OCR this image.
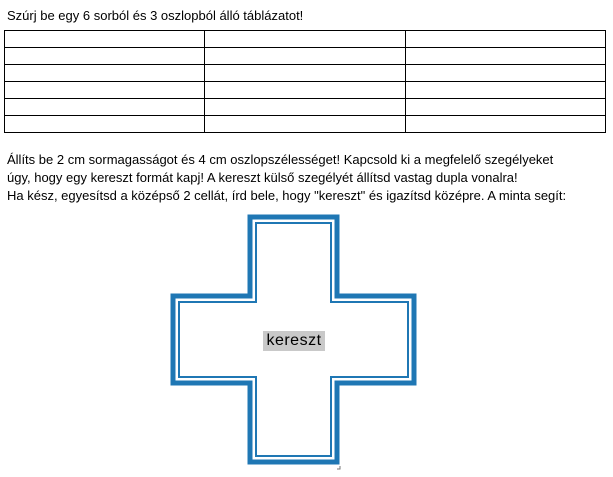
Szúrj be egy 6 sorból és 3 oszlopból álló táblázatot!

Állíts be 2 cm sormagasságot és 4 cm oszlopszélességet! Kapcsold ki a megfelelő szegélyeket
úgy, hogy egy kereszt formát kapj! A kereszt külső szegélyét állítsd vastag dupla vonalra!
Ha kész, egyesítsd a középső 2 cellát, írd bele, hogy "kereszt" és igazítsd középre. A minta segít:
kereszt
